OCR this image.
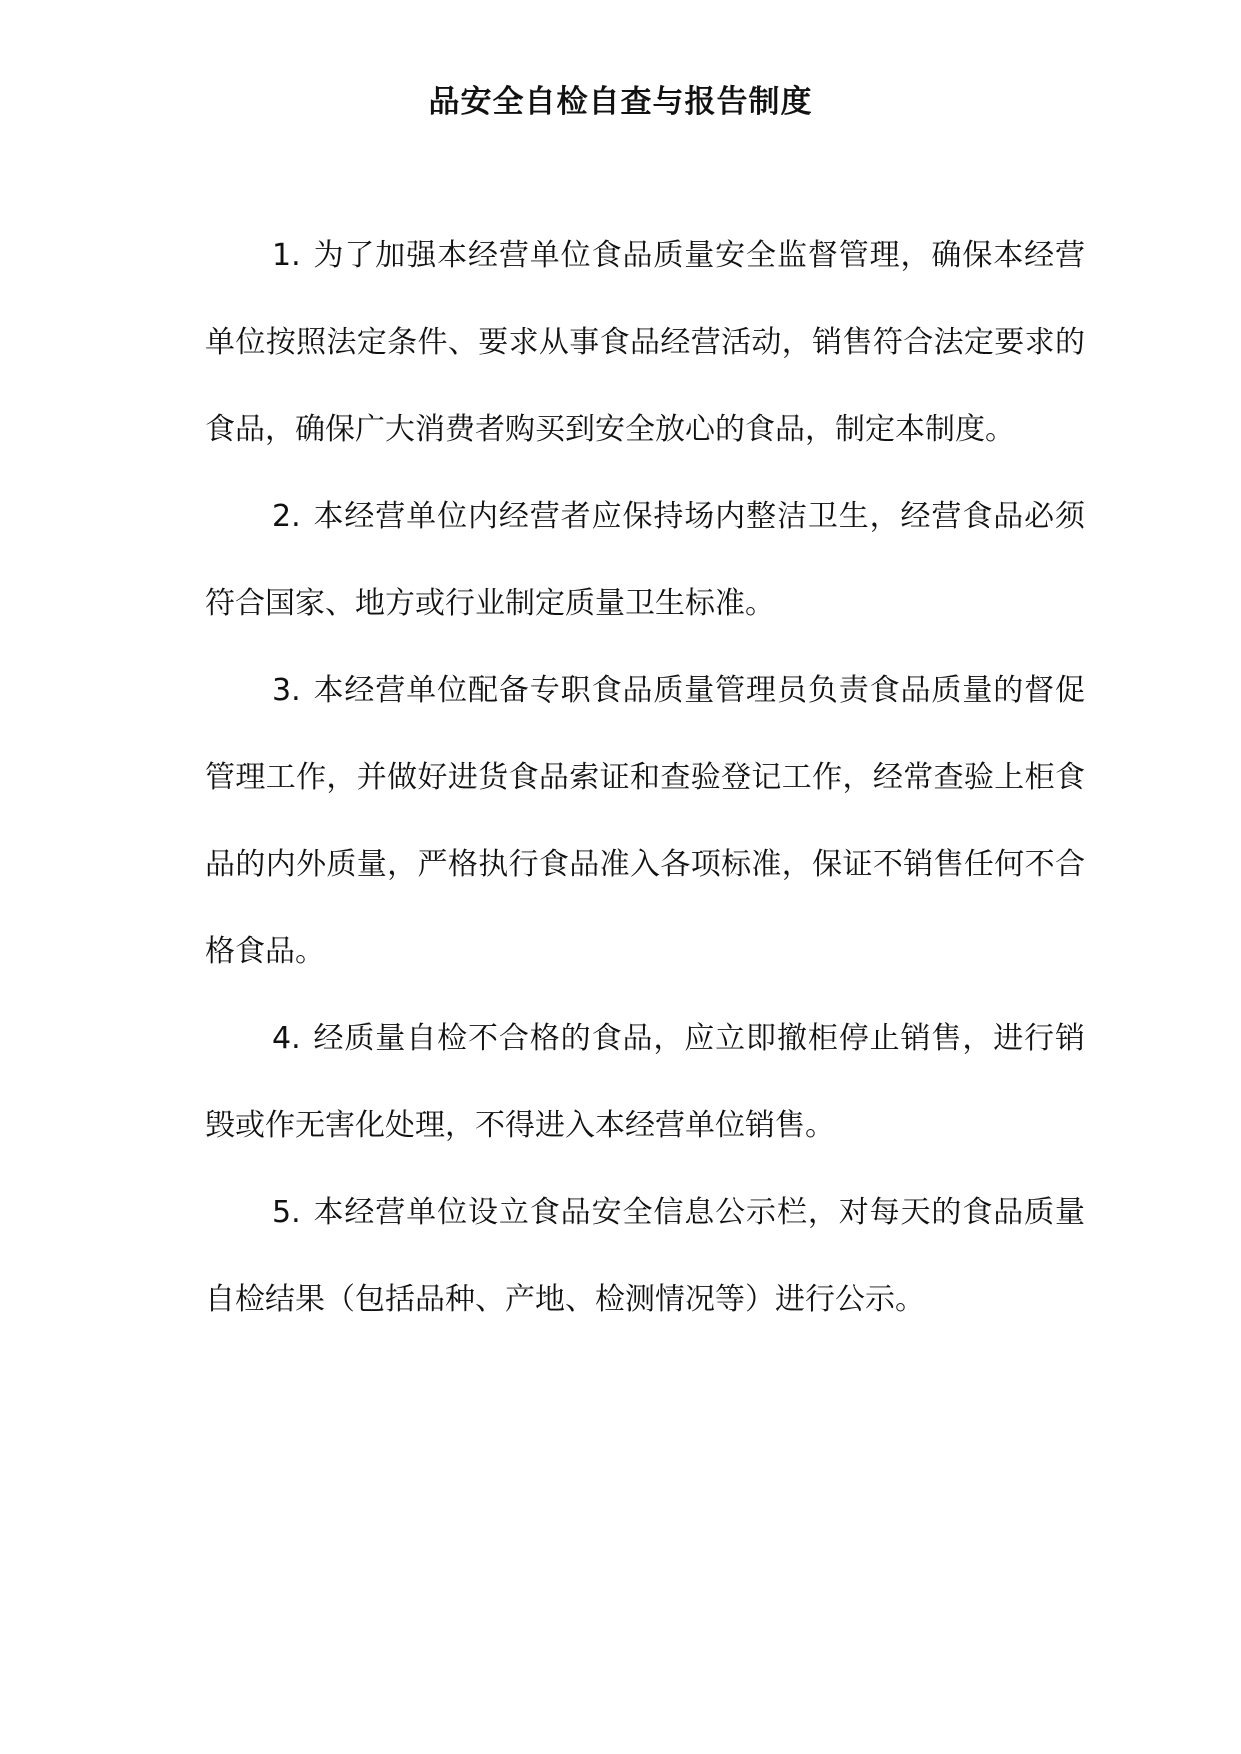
品安全自检自查与报告制度

1. 为了加强本经营单位食品质量安全监督管理，确保本经营单位按照法定条件、要求从事食品经营活动，销售符合法定要求的食品，确保广大消费者购买到安全放心的食品，制定本制度。

2. 本经营单位内经营者应保持场内整洁卫生，经营食品必须符合国家、地方或行业制定质量卫生标准。

3. 本经营单位配备专职食品质量管理员负责食品质量的督促管理工作，并做好进货食品索证和查验登记工作，经常查验上柜食品的内外质量，严格执行食品准入各项标准，保证不销售任何不合格食品。

4. 经质量自检不合格的食品，应立即撤柜停止销售，进行销毁或作无害化处理，不得进入本经营单位销售。

5. 本经营单位设立食品安全信息公示栏，对每天的食品质量自检结果（包括品种、产地、检测情况等）进行公示。
